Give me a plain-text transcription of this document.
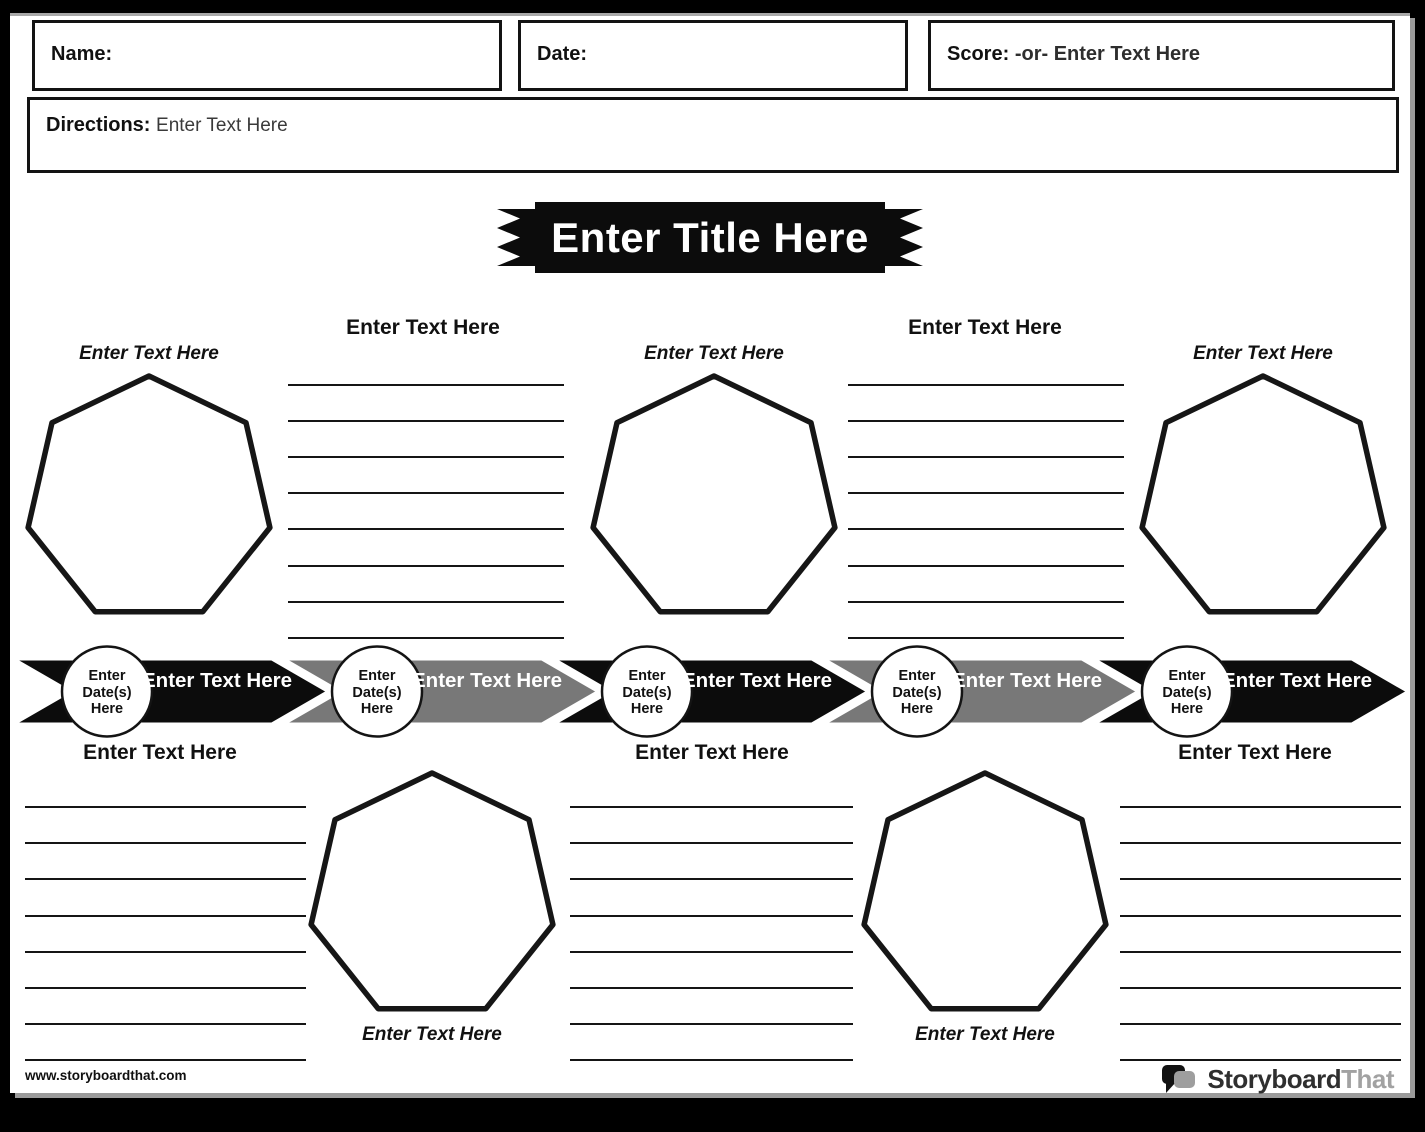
Name:	Date:	Score: -or- Enter Text Here
Directions: Enter Text Here
Enter Title Here
Enter Text Here
Enter Text Here
Enter Text Here
Enter Text Here
Enter Text Here
Enter Date(s) Here
Enter Date(s) Here
Enter Date(s) Here
Enter Date(s) Here
Enter Date(s) Here
Enter Text Here	Enter Text Here	Enter Text Here	Enter Text Here	Enter Text Here
Enter Text Here	Enter Text Here	Enter Text Here
Enter Text Here	Enter Text Here
www.storyboardthat.com	StoryboardThat
